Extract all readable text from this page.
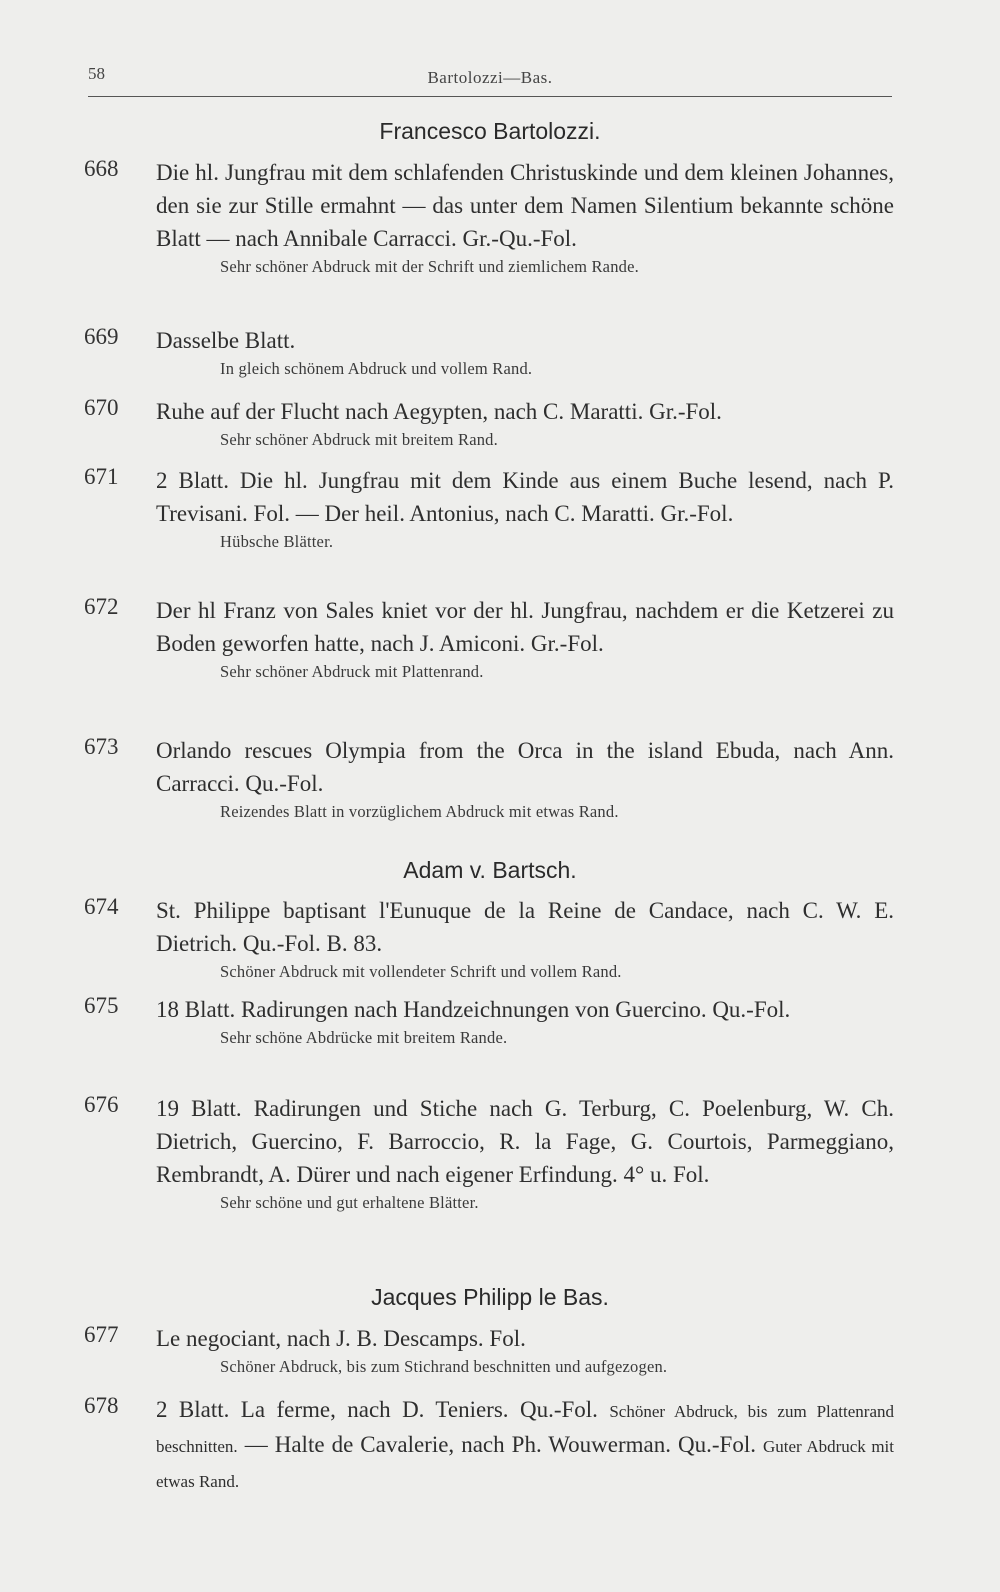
58	Bartolozzi—Bas.
Francesco Bartolozzi.
668	Die hl. Jungfrau mit dem schlafenden Christuskinde und dem kleinen Johannes, den sie zur Stille ermahnt — das unter dem Namen Silentium bekannte schöne Blatt — nach Annibale Carracci. Gr.-Qu.-Fol.
Sehr schöner Abdruck mit der Schrift und ziemlichem Rande.
669	Dasselbe Blatt.
In gleich schönem Abdruck und vollem Rand.
670	Ruhe auf der Flucht nach Aegypten, nach C. Maratti. Gr.-Fol.
Sehr schöner Abdruck mit breitem Rand.
671	2 Blatt. Die hl. Jungfrau mit dem Kinde aus einem Buche lesend, nach P. Trevisani. Fol. — Der heil. Antonius, nach C. Maratti. Gr.-Fol.
Hübsche Blätter.
672	Der hl Franz von Sales kniet vor der hl. Jungfrau, nachdem er die Ketzerei zu Boden geworfen hatte, nach J. Amiconi. Gr.-Fol.
Sehr schöner Abdruck mit Plattenrand.
673	Orlando rescues Olympia from the Orca in the island Ebuda, nach Ann. Carracci. Qu.-Fol.
Reizendes Blatt in vorzüglichem Abdruck mit etwas Rand.
Adam v. Bartsch.
674	St. Philippe baptisant l'Eunuque de la Reine de Candace, nach C. W. E. Dietrich. Qu.-Fol. B. 83.
Schöner Abdruck mit vollendeter Schrift und vollem Rand.
675	18 Blatt. Radirungen nach Handzeichnungen von Guercino. Qu.-Fol.
Sehr schöne Abdrücke mit breitem Rande.
676	19 Blatt. Radirungen und Stiche nach G. Terburg, C. Poelenburg, W. Ch. Dietrich, Guercino, F. Barroccio, R. la Fage, G. Courtois, Parmeggiano, Rembrandt, A. Dürer und nach eigener Erfindung. 4° u. Fol.
Sehr schöne und gut erhaltene Blätter.
Jacques Philipp le Bas.
677	Le negociant, nach J. B. Descamps. Fol.
Schöner Abdruck, bis zum Stichrand beschnitten und aufgezogen.
678	2 Blatt. La ferme, nach D. Teniers. Qu.-Fol. Schöner Abdruck, bis zum Plattenrand beschnitten. — Halte de Cavalerie, nach Ph. Wouwerman. Qu.-Fol. Guter Abdruck mit etwas Rand.
